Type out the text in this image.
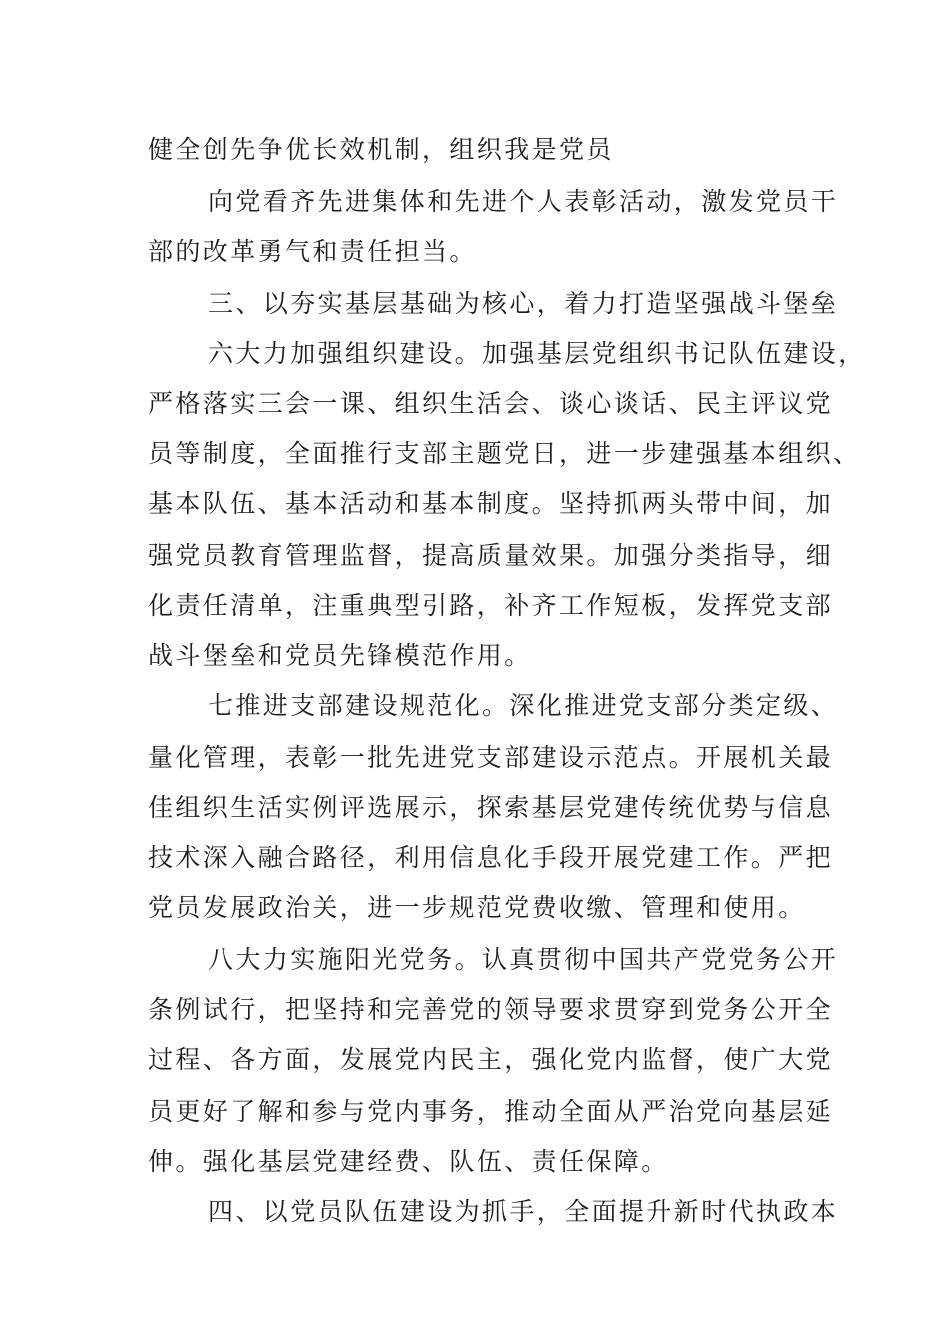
健全创先争优长效机制，组织我是党员
向党看齐先进集体和先进个人表彰活动，激发党员干
部的改革勇气和责任担当。
三、以夯实基层基础为核心，着力打造坚强战斗堡垒
六大力加强组织建设。加强基层党组织书记队伍建设，
严格落实三会一课、组织生活会、谈心谈话、民主评议党
员等制度，全面推行支部主题党日，进一步建强基本组织、
基本队伍、基本活动和基本制度。坚持抓两头带中间，加
强党员教育管理监督，提高质量效果。加强分类指导，细
化责任清单，注重典型引路，补齐工作短板，发挥党支部
战斗堡垒和党员先锋模范作用。
七推进支部建设规范化。深化推进党支部分类定级、
量化管理，表彰一批先进党支部建设示范点。开展机关最
佳组织生活实例评选展示，探索基层党建传统优势与信息
技术深入融合路径，利用信息化手段开展党建工作。严把
党员发展政治关，进一步规范党费收缴、管理和使用。
八大力实施阳光党务。认真贯彻中国共产党党务公开
条例试行，把坚持和完善党的领导要求贯穿到党务公开全
过程、各方面，发展党内民主，强化党内监督，使广大党
员更好了解和参与党内事务，推动全面从严治党向基层延
伸。强化基层党建经费、队伍、责任保障。
四、以党员队伍建设为抓手，全面提升新时代执政本
